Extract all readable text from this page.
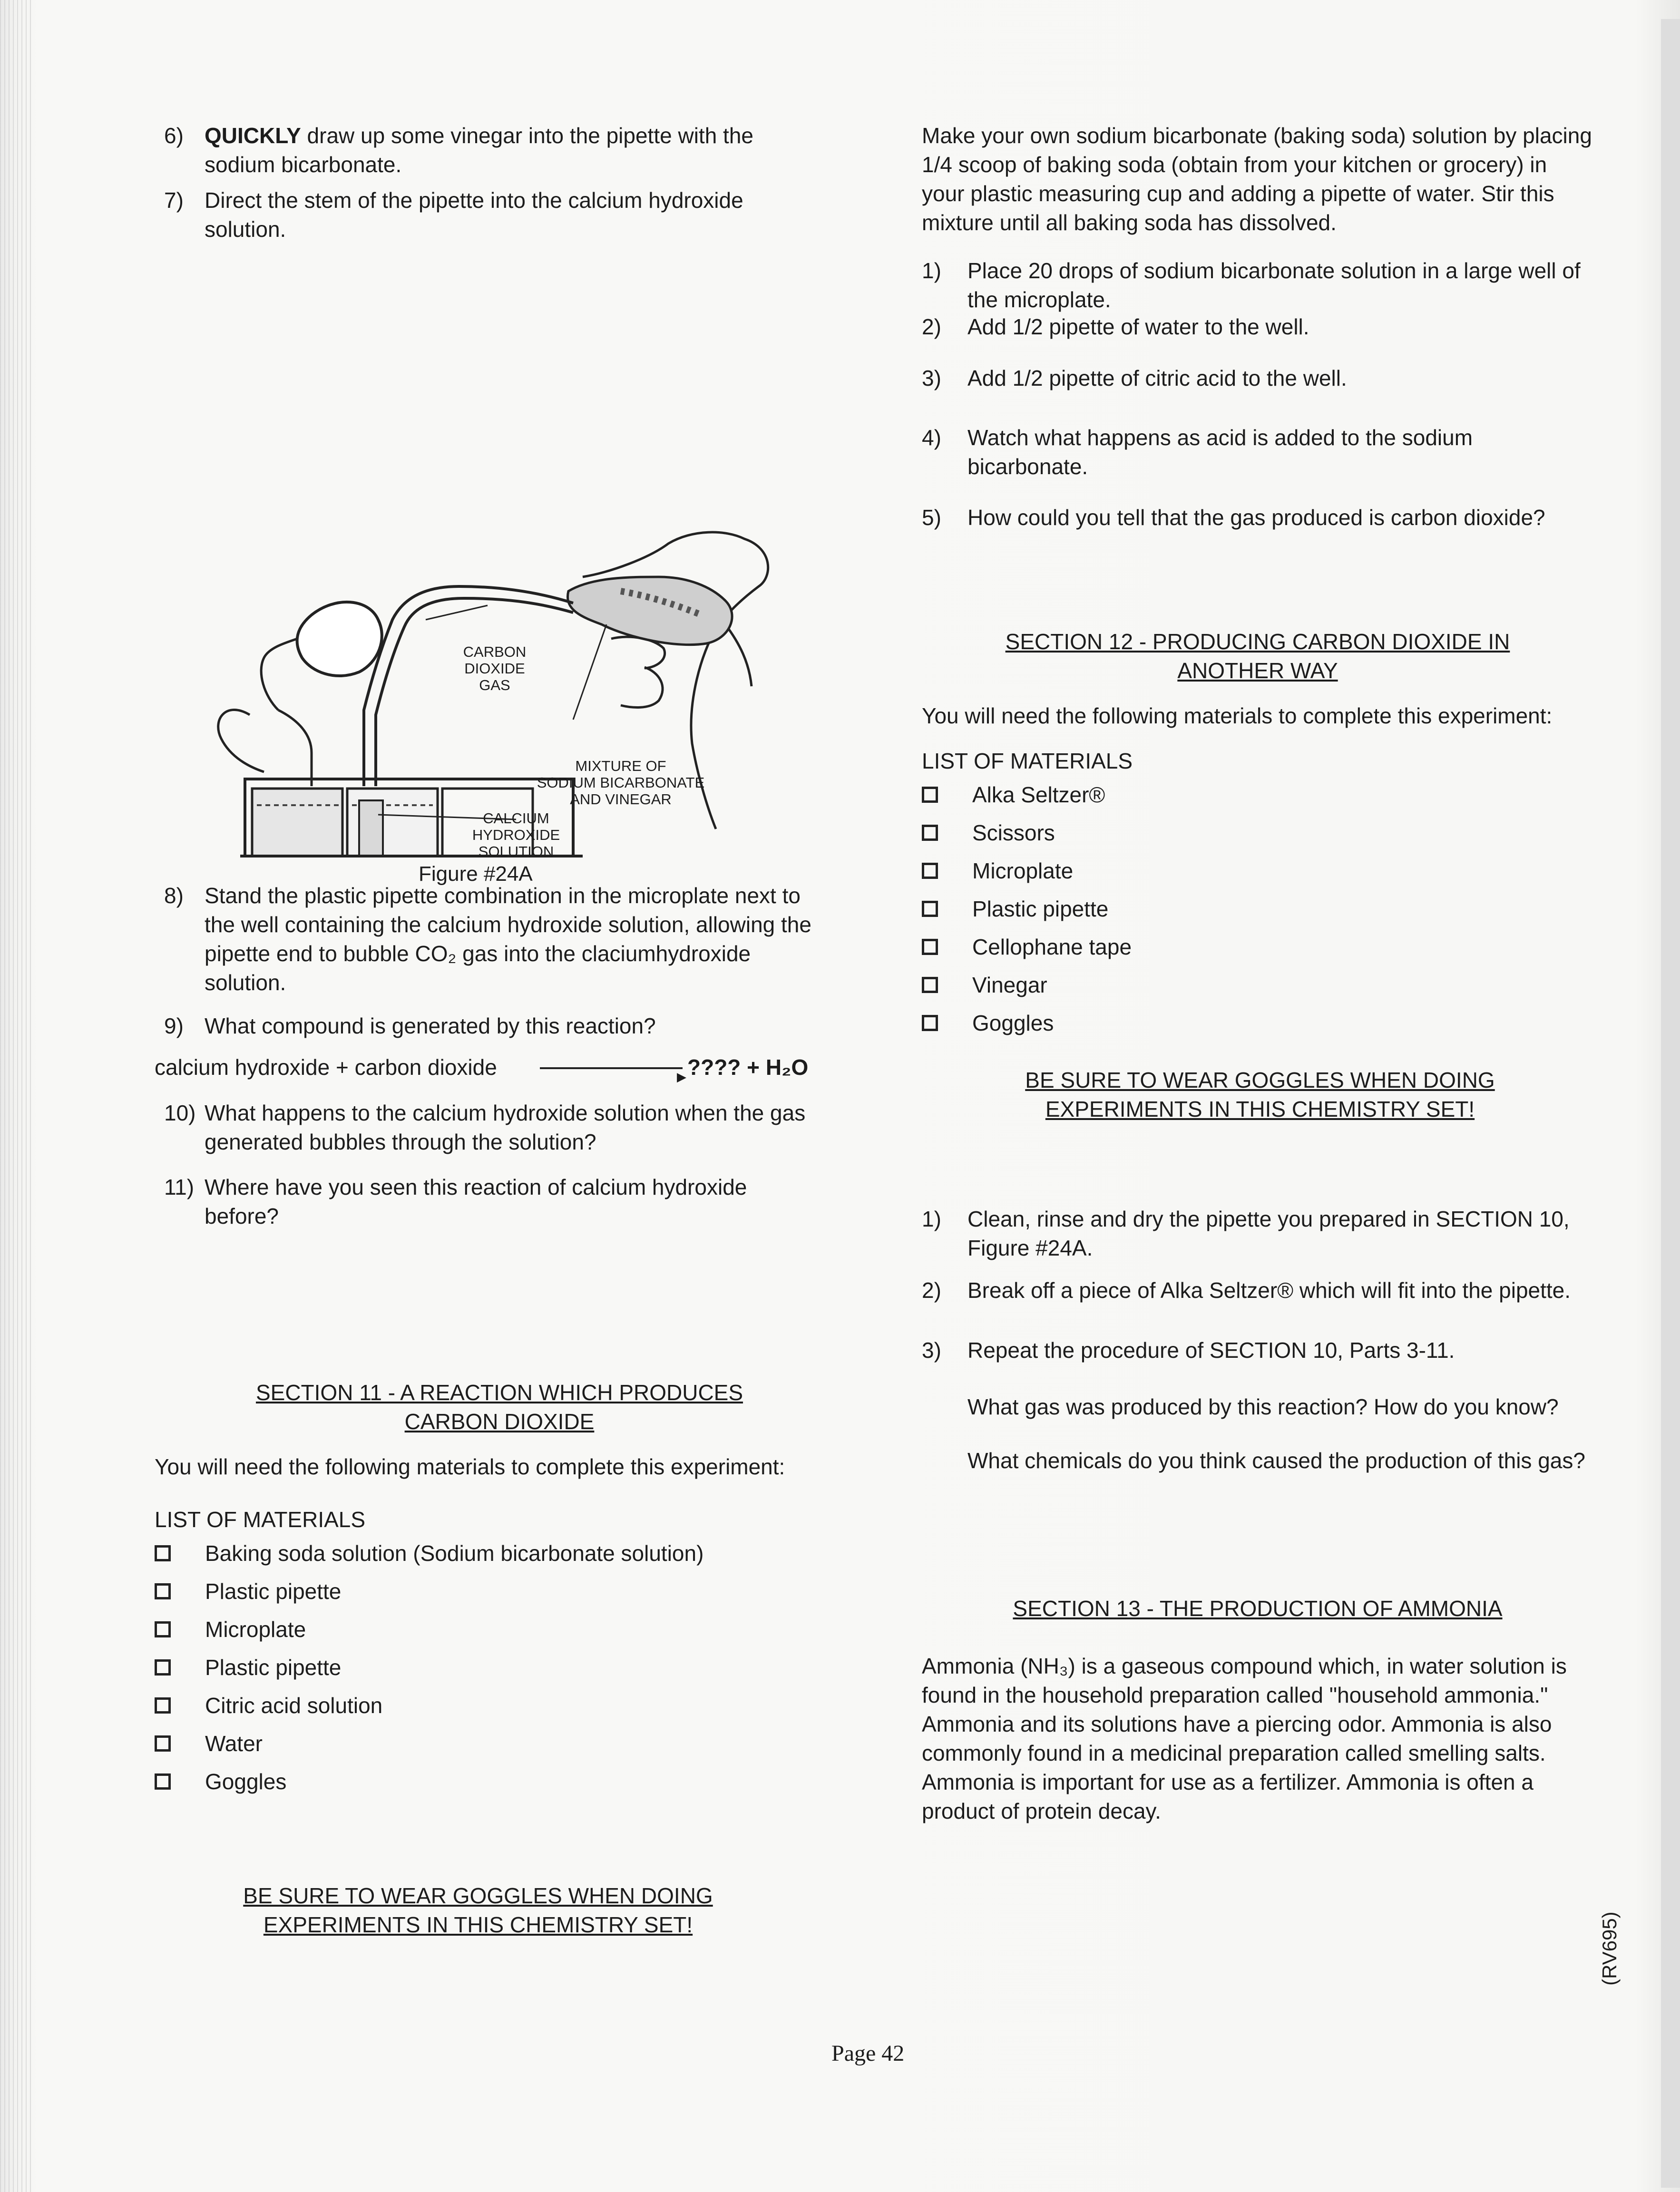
6) QUICKLY draw up some vinegar into the pipette with the sodium bicarbonate.
7) Direct the stem of the pipette into the calcium hydroxide solution.
CARBON
DIOXIDE
GAS
MIXTURE OF
SODIUM BICARBONATE
AND VINEGAR
CALCIUM
HYDROXIDE
SOLUTION
Figure #24A
8) Stand the plastic pipette combination in the microplate next to the well containing the calcium hydroxide solution, allowing the pipette end to bubble CO₂ gas into the claciumhydroxide solution.
9) What compound is generated by this reaction?
calcium hydroxide + carbon dioxide	▶ ???? + H₂O
10) What happens to the calcium hydroxide solution when the gas generated bubbles through the solution?
11) Where have you seen this reaction of calcium hydroxide before?
SECTION 11 - A REACTION WHICH PRODUCES CARBON DIOXIDE
You will need the following materials to complete this experiment:
LIST OF MATERIALS
Baking soda solution (Sodium bicarbonate solution)
Plastic pipette
Microplate
Plastic pipette
Citric acid solution
Water
Goggles
BE SURE TO WEAR GOGGLES WHEN DOING EXPERIMENTS IN THIS CHEMISTRY SET!
Make your own sodium bicarbonate (baking soda) solution by placing 1/4 scoop of baking soda (obtain from your kitchen or grocery) in your plastic measuring cup and adding a pipette of water. Stir this mixture until all baking soda has dissolved.
1) Place 20 drops of sodium bicarbonate solution in a large well of the microplate.
2) Add 1/2 pipette of water to the well.
3) Add 1/2 pipette of citric acid to the well.
4) Watch what happens as acid is added to the sodium bicarbonate.
5) How could you tell that the gas produced is carbon dioxide?
SECTION 12 - PRODUCING CARBON DIOXIDE IN ANOTHER WAY
You will need the following materials to complete this experiment:
LIST OF MATERIALS
Alka Seltzer®
Scissors
Microplate
Plastic pipette
Cellophane tape
Vinegar
Goggles
BE SURE TO WEAR GOGGLES WHEN DOING EXPERIMENTS IN THIS CHEMISTRY SET!
1) Clean, rinse and dry the pipette you prepared in SECTION 10, Figure #24A.
2) Break off a piece of Alka Seltzer® which will fit into the pipette.
3) Repeat the procedure of SECTION 10, Parts 3-11.
What gas was produced by this reaction? How do you know?
What chemicals do you think caused the production of this gas?
SECTION 13 - THE PRODUCTION OF AMMONIA
Ammonia (NH₃) is a gaseous compound which, in water solution is found in the household preparation called "household ammonia." Ammonia and its solutions have a piercing odor. Ammonia is also commonly found in a medicinal preparation called smelling salts. Ammonia is important for use as a fertilizer. Ammonia is often a product of protein decay.
Page 42
(RV695)
